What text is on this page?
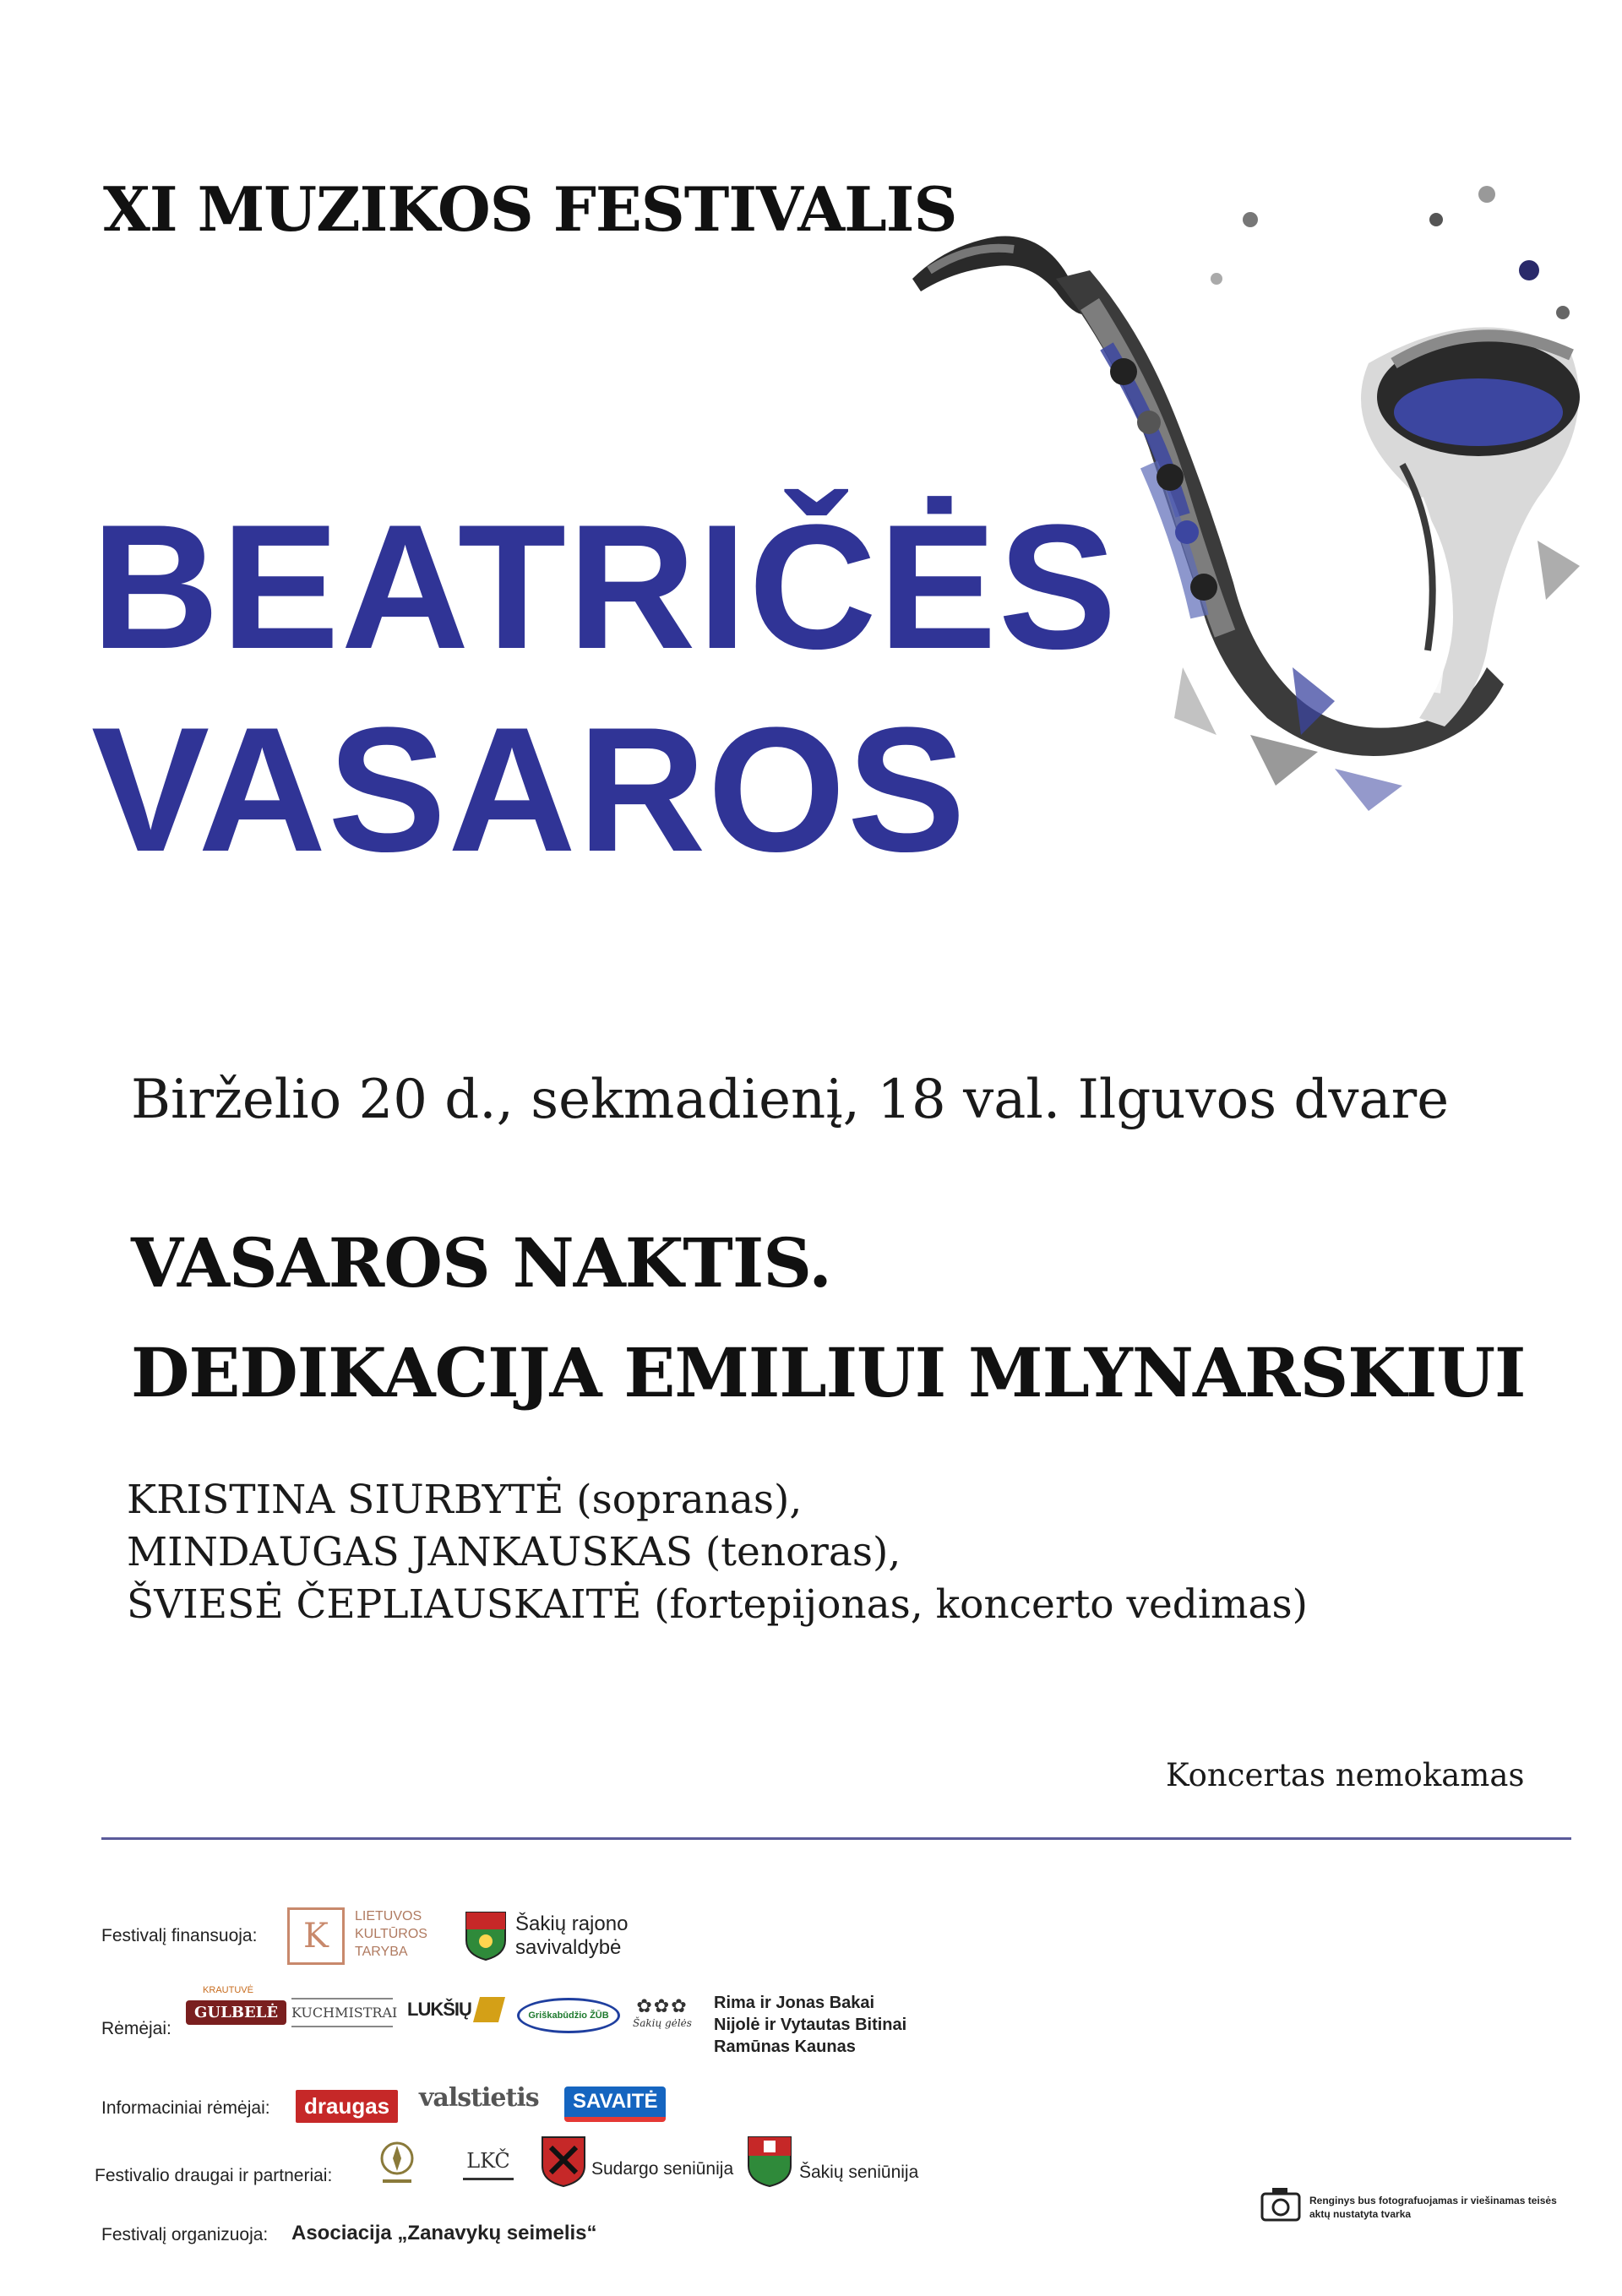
XI MUZIKOS FESTIVALIS
BEATRIČĖS
VASAROS
Birželio 20 d., sekmadienį, 18 val. Ilguvos dvare
VASAROS NAKTIS.
DEDIKACIJA EMILIUI MLYNARSKIUI
KRISTINA SIURBYTĖ (sopranas),
MINDAUGAS JANKAUSKAS (tenoras),
ŠVIESĖ ČEPLIAUSKAITĖ (fortepijonas, koncerto vedimas)
Koncertas nemokamas
Festivalį finansuoja: K
LIETUVOS
KULTŪROS
TARYBA
Šakių rajono
savivaldybė
Rėmėjai:
KRAUTUVĖ
GULBELĖ KUCHMISTRAI LUKŠIŲ	Griškabūdžio ŽŪB	✿✿✿
Šakių gėlės
Rima ir Jonas Bakai
Nijolė ir Vytautas Bitinai
Ramūnas Kaunas
Informaciniai rėmėjai:	draugas	valstietis	SAVAITĖ
Festivalio draugai ir partneriai:
LKČ	Sudargo seniūnija	Šakių seniūnija
Festivalį organizuoja: Asociacija „Zanavykų seimelis“
Renginys bus fotografuojamas ir viešinamas teisės aktų nustatyta tvarka
